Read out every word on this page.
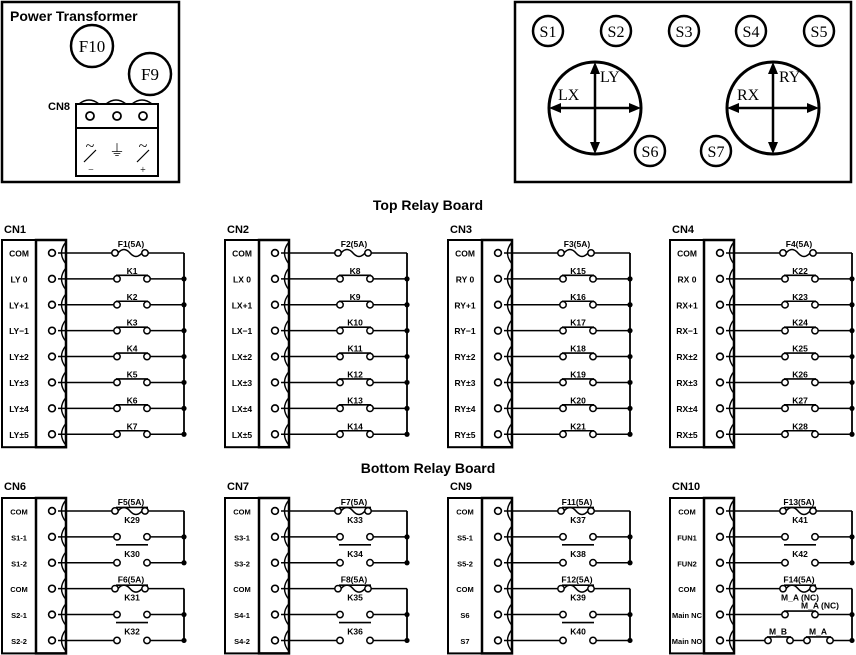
Power Transformer
F10
F9
CN8
~ ⏚ ~
−	+
S1	S2	S3	S4	S5
S6	S7
LX
LY
RX
RY
Top Relay Board
Bottom Relay Board
CN1
COM
LY 0
LY+1
LY−1
LY±2
LY±3
LY±4
LY±5
F1(5A)
K1
K2
K3
K4
K5
K6
K7
CN2
COM
LX 0
LX+1
LX−1
LX±2
LX±3
LX±4
LX±5
F2(5A)
K8
K9
K10
K11
K12
K13
K14
CN3
COM
RY 0
RY+1
RY−1
RY±2
RY±3
RY±4
RY±5
F3(5A)
K15
K16
K17
K18
K19
K20
K21
CN4
COM
RX 0
RX+1
RX−1
RX±2
RX±3
RX±4
RX±5
F4(5A)
K22
K23
K24
K25
K26
K27
K28
CN6
COM
S1-1
S1-2
COM
S2-1
S2-2
F5(5A)
K29
F6(5A)
K31
K30
K32
CN7
COM
S3-1
S3-2
COM
S4-1
S4-2
F7(5A)
K33
F8(5A)
K35
K34
K36
CN9
COM
S5-1
S5-2
COM
S6
S7
F11(5A)
K37
F12(5A)
K39
K38
K40
CN10
COM
FUN1
FUN2
COM
Main NC
Main NO
F13(5A)
K41
F14(5A)
M_A (NC)
K42
M_A (NC)
M_B	M_A
